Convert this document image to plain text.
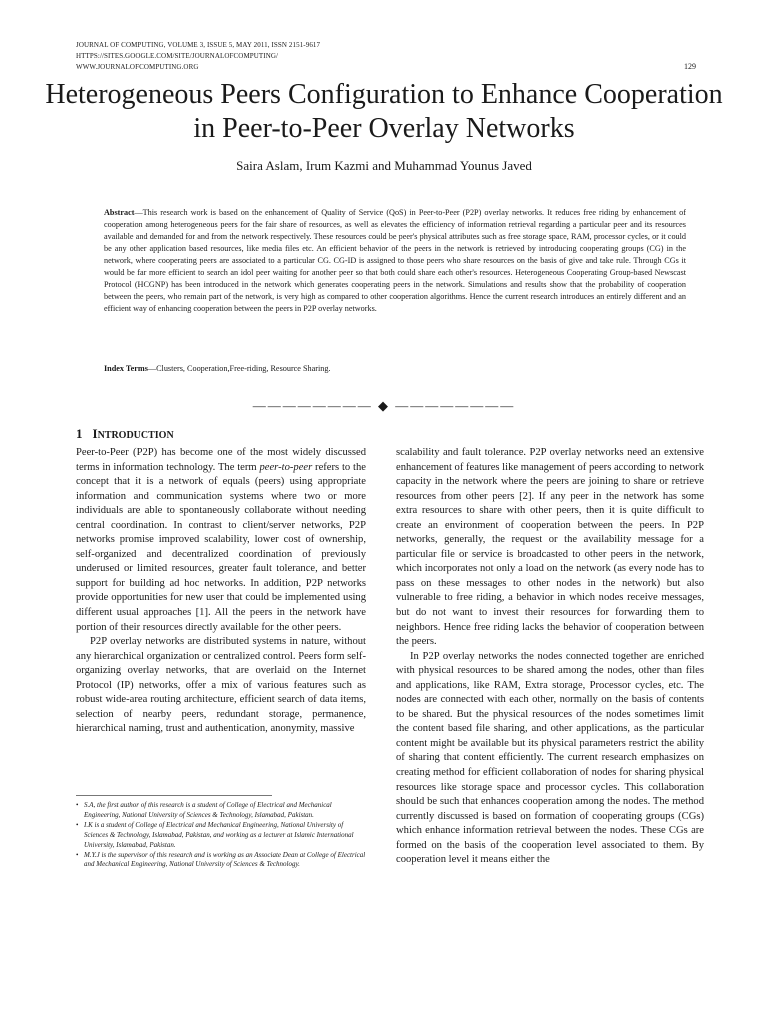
JOURNAL OF COMPUTING, VOLUME 3, ISSUE 5, MAY 2011, ISSN 2151-9617
HTTPS://SITES.GOOGLE.COM/SITE/JOURNALOFCOMPUTING/
WWW.JOURNALOFCOMPUTING.ORG	129
Heterogeneous Peers Configuration to Enhance Cooperation in Peer-to-Peer Overlay Networks
Saira Aslam, Irum Kazmi and Muhammad Younus Javed
Abstract—This research work is based on the enhancement of Quality of Service (QoS) in Peer-to-Peer (P2P) overlay networks. It reduces free riding by enhancement of cooperation among heterogeneous peers for the fair share of resources, as well as elevates the efficiency of information retrieval regarding a particular peer and its resources available and demanded for and from the network respectively. These resources could be peer's physical attributes such as free storage space, RAM, processor cycles, or it could be any other application based resources, like media files etc. An efficient behavior of the peers in the network is retrieved by introducing cooperating groups (CG) in the network, where cooperating peers are associated to a particular CG. CG-ID is assigned to those peers who share resources on the basis of give and take rule. Through CGs it would be far more efficient to search an idol peer waiting for another peer so that both could share each other's resources. Heterogeneous Cooperating Group-based Newscast Protocol (HCGNP) has been introduced in the network which generates cooperating peers in the network. Simulations and results show that the probability of cooperation between the peers, who remain part of the network, is very high as compared to other cooperation algorithms. Hence the current research introduces an entirely different and an efficient way of enhancing cooperation between the peers in P2P overlay networks.
Index Terms—Clusters, Cooperation,Free-riding, Resource Sharing.
———————— ◆ ————————
1 INTRODUCTION

Peer-to-Peer (P2P) has become one of the most widely discussed terms in information technology. The term peer-to-peer refers to the concept that it is a network of equals (peers) using appropriate information and communication systems where two or more individuals are able to spontaneously collaborate without needing central coordination. In contrast to client/server networks, P2P networks promise improved scalability, lower cost of ownership, self-organized and decentralized coordination of previously underused or limited resources, greater fault tolerance, and better support for building ad hoc networks. In addition, P2P networks provide opportunities for new user that could be implemented using different usual approaches [1]. All the peers in the network have portion of their resources directly available for the other peers.

P2P overlay networks are distributed systems in nature, without any hierarchical organization or centralized control. Peers form self-organizing overlay networks, that are overlaid on the Internet Protocol (IP) networks, offer a mix of various features such as robust wide-area routing architecture, efficient search of data items, selection of nearby peers, redundant storage, permanence, hierarchical naming, trust and authentication, anonymity, massive

• S.A, the first author of this research is a student of College of Electrical and Mechanical Engineering, National University of Sciences & Technology, Islamabad, Pakistan.

• I.K is a student of College of Electrical and Mechanical Engineering, National University of Sciences & Technology, Islamabad, Pakistan, and working as a lecturer at Islamic International University, Islamabad, Pakistan.

• M.Y.J is the supervisor of this research and is working as an Associate Dean at College of Electrical and Mechanical Engineering, National University of Sciences & Technology.

scalability and fault tolerance. P2P overlay networks need an extensive enhancement of features like management of peers according to network capacity in the network where the peers are joining to share or retrieve resources from other peers [2]. If any peer in the network has some extra resources to share with other peers, then it is quite difficult to create an environment of cooperation between the peers. In P2P networks, generally, the request or the availability message for a particular file or service is broadcasted to other peers in the network, which incorporates not only a load on the network (as every node has to pass on these messages to other nodes in the network) but also vulnerable to free riding, a behavior in which nodes receive messages, but do not want to invest their resources for forwarding them to neighbors. Hence free riding lacks the behavior of cooperation between the peers.

In P2P overlay networks the nodes connected together are enriched with physical resources to be shared among the nodes, other than files and applications, like RAM, Extra storage, Processor cycles, etc. The nodes are connected with each other, normally on the basis of contents to be shared. But the physical resources of the nodes sometimes limit the content based file sharing, and other applications, as the particular content might be available but its physical parameters restrict the ability of sharing that content efficiently. The current research emphasizes on creating method for efficient collaboration of nodes for sharing physical resources like storage space and processor cycles. This collaboration should be such that enhances cooperation among the nodes. The method currently discussed is based on formation of cooperating groups (CGs) which enhance information retrieval between the nodes. These CGs are formed on the basis of the cooperation level associated to them. By cooperation level it means either the
